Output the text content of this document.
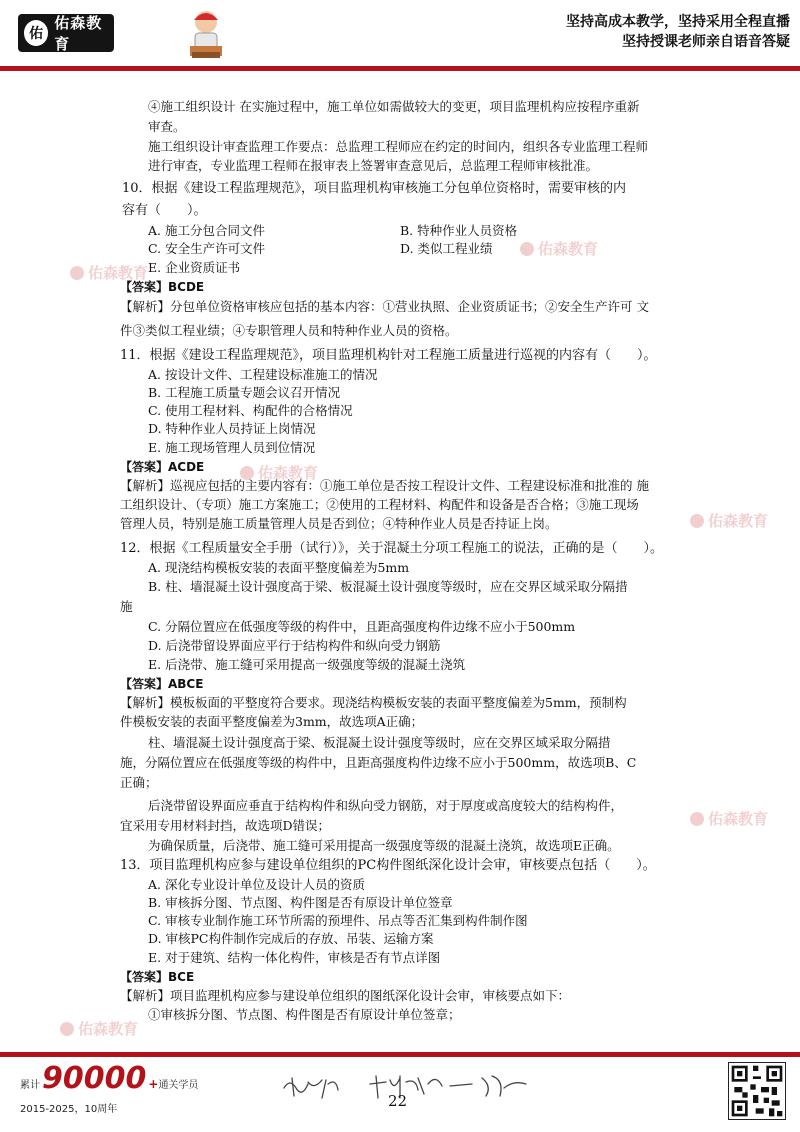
佑
佑森教育
坚持高成本教学，坚持采用全程直播
坚持授课老师亲自语音答疑
佑森教育
佑森教育
佑森教育
佑森教育
佑森教育
佑森教育
④施工组织设计 在实施过程中，施工单位如需做较大的变更，项目监理机构应按程序重新
审查。
施工组织设计审查监理工作要点：总监理工程师应在约定的时间内，组织各专业监理工程师
进行审查，专业监理工程师在报审表上签署审查意见后，总监理工程师审核批准。
10．根据《建设工程监理规范》，项目监理机构审核施工分包单位资格时，需要审核的内
容有（　　）。
A. 施工分包合同文件	B. 特种作业人员资格
C. 安全生产许可文件	D. 类似工程业绩
E. 企业资质证书
【答案】BCDE
【解析】分包单位资格审核应包括的基本内容：①营业执照、企业资质证书；②安全生产许可 文
件③类似工程业绩；④专职管理人员和特种作业人员的资格。
11．根据《建设工程监理规范》，项目监理机构针对工程施工质量进行巡视的内容有（　　）。
A. 按设计文件、工程建设标准施工的情况
B. 工程施工质量专题会议召开情况
C. 使用工程材料、构配件的合格情况
D. 特种作业人员持证上岗情况
E. 施工现场管理人员到位情况
【答案】ACDE
【解析】巡视应包括的主要内容有：①施工单位是否按工程设计文件、工程建设标准和批准的 施
工组织设计、（专项）施工方案施工；②使用的工程材料、构配件和设备是否合格；③施工现场
管理人员，特别是施工质量管理人员是否到位；④特种作业人员是否持证上岗。
12．根据《工程质量安全手册（试行）》，关于混凝土分项工程施工的说法，正确的是（　　）。
A. 现浇结构模板安装的表面平整度偏差为5mm
B. 柱、墙混凝土设计强度高于梁、板混凝土设计强度等级时，应在交界区域采取分隔措
施
C. 分隔位置应在低强度等级的构件中，且距高强度构件边缘不应小于500mm
D. 后浇带留设界面应平行于结构构件和纵向受力钢筋
E. 后浇带、施工缝可采用提高一级强度等级的混凝土浇筑
【答案】ABCE
【解析】模板板面的平整度符合要求。现浇结构模板安装的表面平整度偏差为5mm，预制构
件模板安装的表面平整度偏差为3mm，故选项A正确；
柱、墙混凝土设计强度高于梁、板混凝土设计强度等级时，应在交界区域采取分隔措
施，分隔位置应在低强度等级的构件中，且距高强度构件边缘不应小于500mm，故选项B、C
正确；
后浇带留设界面应垂直于结构构件和纵向受力钢筋，对于厚度或高度较大的结构构件，
宜采用专用材料封挡，故选项D错误；
为确保质量，后浇带、施工缝可采用提高一级强度等级的混凝土浇筑，故选项E正确。
13．项目监理机构应参与建设单位组织的PC构件图纸深化设计会审，审核要点包括（　　）。
A. 深化专业设计单位及设计人员的资质
B. 审核拆分图、节点图、构件图是否有原设计单位签章
C. 审核专业制作施工环节所需的预埋件、吊点等否汇集到构件制作图
D. 审核PC构件制作完成后的存放、吊装、运输方案
E. 对于建筑、结构一体化构件，审核是否有节点详图
【答案】BCE
【解析】项目监理机构应参与建设单位组织的图纸深化设计会审，审核要点如下：
①审核拆分图、节点图、构件图是否有原设计单位签章；
累计 90000 + 通关学员
2015-2025，10周年	22
